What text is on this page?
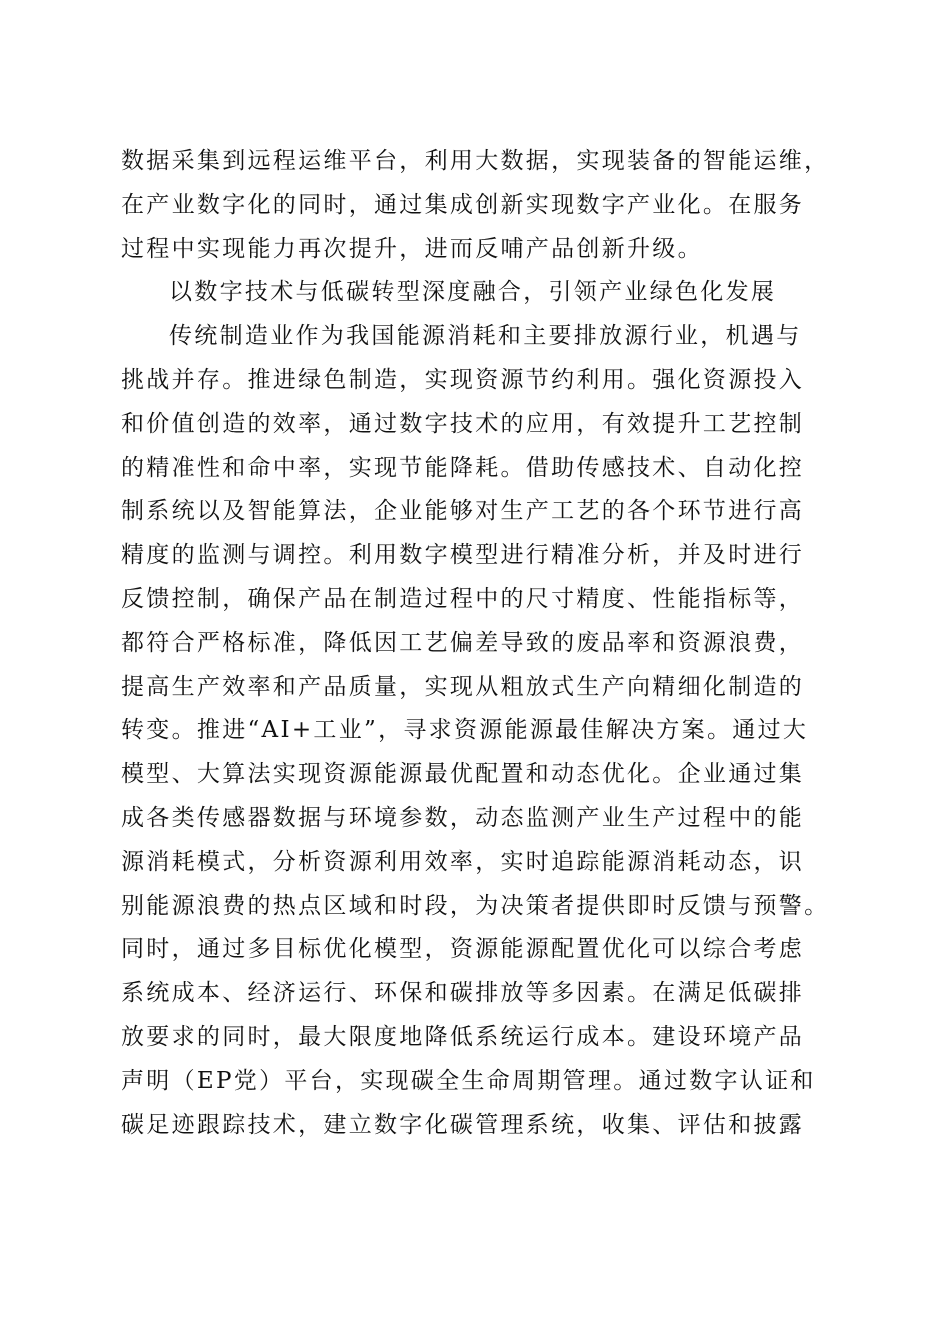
数据采集到远程运维平台，利用大数据，实现装备的智能运维，
在产业数字化的同时，通过集成创新实现数字产业化。在服务
过程中实现能力再次提升，进而反哺产品创新升级。
以数字技术与低碳转型深度融合，引领产业绿色化发展
传统制造业作为我国能源消耗和主要排放源行业，机遇与
挑战并存。推进绿色制造，实现资源节约利用。强化资源投入
和价值创造的效率，通过数字技术的应用，有效提升工艺控制
的精准性和命中率，实现节能降耗。借助传感技术、自动化控
制系统以及智能算法，企业能够对生产工艺的各个环节进行高
精度的监测与调控。利用数字模型进行精准分析，并及时进行
反馈控制，确保产品在制造过程中的尺寸精度、性能指标等，
都符合严格标准，降低因工艺偏差导致的废品率和资源浪费，
提高生产效率和产品质量，实现从粗放式生产向精细化制造的
转变。推进“AI+工业”，寻求资源能源最佳解决方案。通过大
模型、大算法实现资源能源最优配置和动态优化。企业通过集
成各类传感器数据与环境参数，动态监测产业生产过程中的能
源消耗模式，分析资源利用效率，实时追踪能源消耗动态，识
别能源浪费的热点区域和时段，为决策者提供即时反馈与预警。
同时，通过多目标优化模型，资源能源配置优化可以综合考虑
系统成本、经济运行、环保和碳排放等多因素。在满足低碳排
放要求的同时，最大限度地降低系统运行成本。建设环境产品
声明（EP党）平台，实现碳全生命周期管理。通过数字认证和
碳足迹跟踪技术，建立数字化碳管理系统，收集、评估和披露
